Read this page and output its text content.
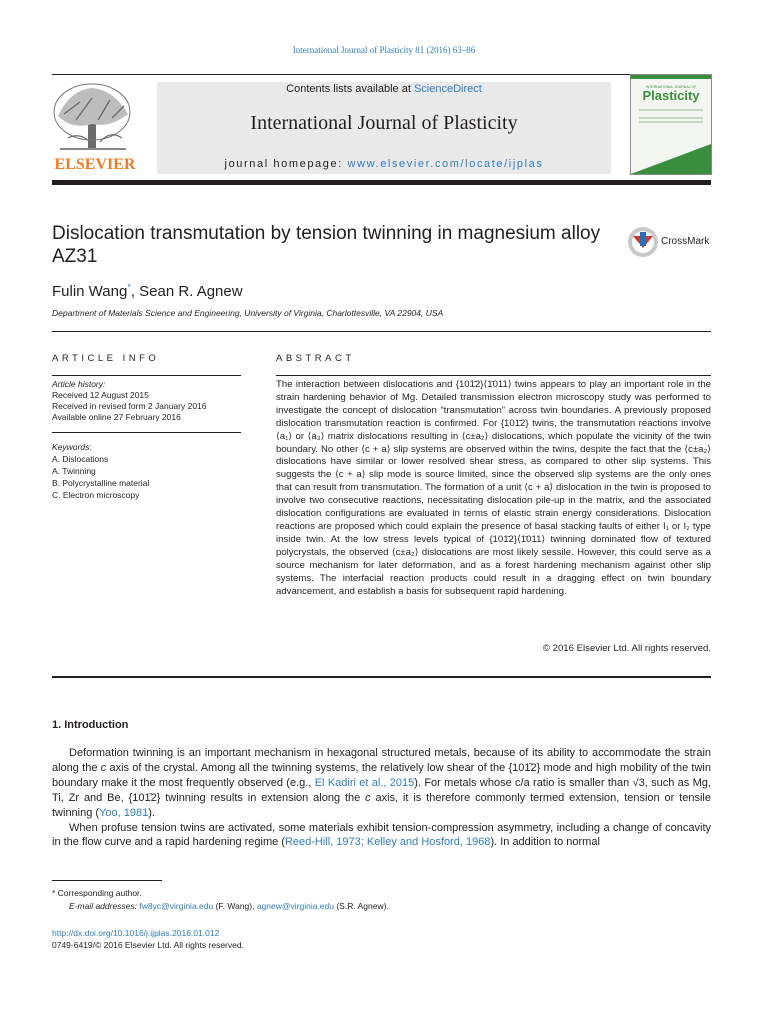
International Journal of Plasticity 81 (2016) 63–86
ELSEVIER
Contents lists available at ScienceDirect
International Journal of Plasticity
journal homepage: www.elsevier.com/locate/ijplas
INTERNATIONAL JOURNAL OF
Plasticity
Dislocation transmutation by tension twinning in magnesium alloy AZ31
CrossMark
Fulin Wang*, Sean R. Agnew
Department of Materials Science and Engineering, University of Virginia, Charlottesville, VA 22904, USA
ARTICLE INFO
Article history:
Received 12 August 2015
Received in revised form 2 January 2016
Available online 27 February 2016
Keywords:
A. Dislocations
A. Twinning
B. Polycrystalline material
C. Electron microscopy
ABSTRACT
The interaction between dislocations and {101̄2}⟨1̄011⟩ twins appears to play an important role in the strain hardening behavior of Mg. Detailed transmission electron microscopy study was performed to investigate the concept of dislocation “transmutation” across twin boundaries. A previously proposed dislocation transmutation reaction is confirmed. For {101̄2} twins, the transmutation reactions involve ⟨a₁⟩ or ⟨a₃⟩ matrix dislocations resulting in ⟨c±a₂⟩ dislocations, which populate the vicinity of the twin boundary. No other ⟨c + a⟩ slip systems are observed within the twins, despite the fact that the ⟨c±a₂⟩ dislocations have similar or lower resolved shear stress, as compared to other slip systems. This suggests the ⟨c + a⟩ slip mode is source limited, since the observed slip systems are the only ones that can result from transmutation. The formation of a unit ⟨c + a⟩ dislocation in the twin is proposed to involve two consecutive reactions, necessitating dislocation pile-up in the matrix, and the associated dislocation configurations are evaluated in terms of elastic strain energy considerations. Dislocation reactions are proposed which could explain the presence of basal stacking faults of either I₁ or I₂ type inside twin. At the low stress levels typical of {101̄2}⟨1̄011⟩ twinning dominated flow of textured polycrystals, the observed ⟨c±a₂⟩ dislocations are most likely sessile. However, this could serve as a source mechanism for later deformation, and as a forest hardening mechanism against other slip systems. The interfacial reaction products could result in a dragging effect on twin boundary advancement, and establish a basis for subsequent rapid hardening.
© 2016 Elsevier Ltd. All rights reserved.
1. Introduction

Deformation twinning is an important mechanism in hexagonal structured metals, because of its ability to accommodate the strain along the c axis of the crystal. Among all the twinning systems, the relatively low shear of the {101̄2} mode and high mobility of the twin boundary make it the most frequently observed (e.g., El Kadiri et al., 2015). For metals whose c/a ratio is smaller than √3, such as Mg, Ti, Zr and Be, {101̄2} twinning results in extension along the c axis, it is therefore commonly termed extension, tension or tensile twinning (Yoo, 1981).

When profuse tension twins are activated, some materials exhibit tension-compression asymmetry, including a change of concavity in the flow curve and a rapid hardening regime (Reed-Hill, 1973; Kelley and Hosford, 1968). In addition to normal

* Corresponding author.
E-mail addresses: fw8yc@virginia.edu (F. Wang), agnew@virginia.edu (S.R. Agnew).
http://dx.doi.org/10.1016/j.ijplas.2016.01.012
0749-6419/© 2016 Elsevier Ltd. All rights reserved.
